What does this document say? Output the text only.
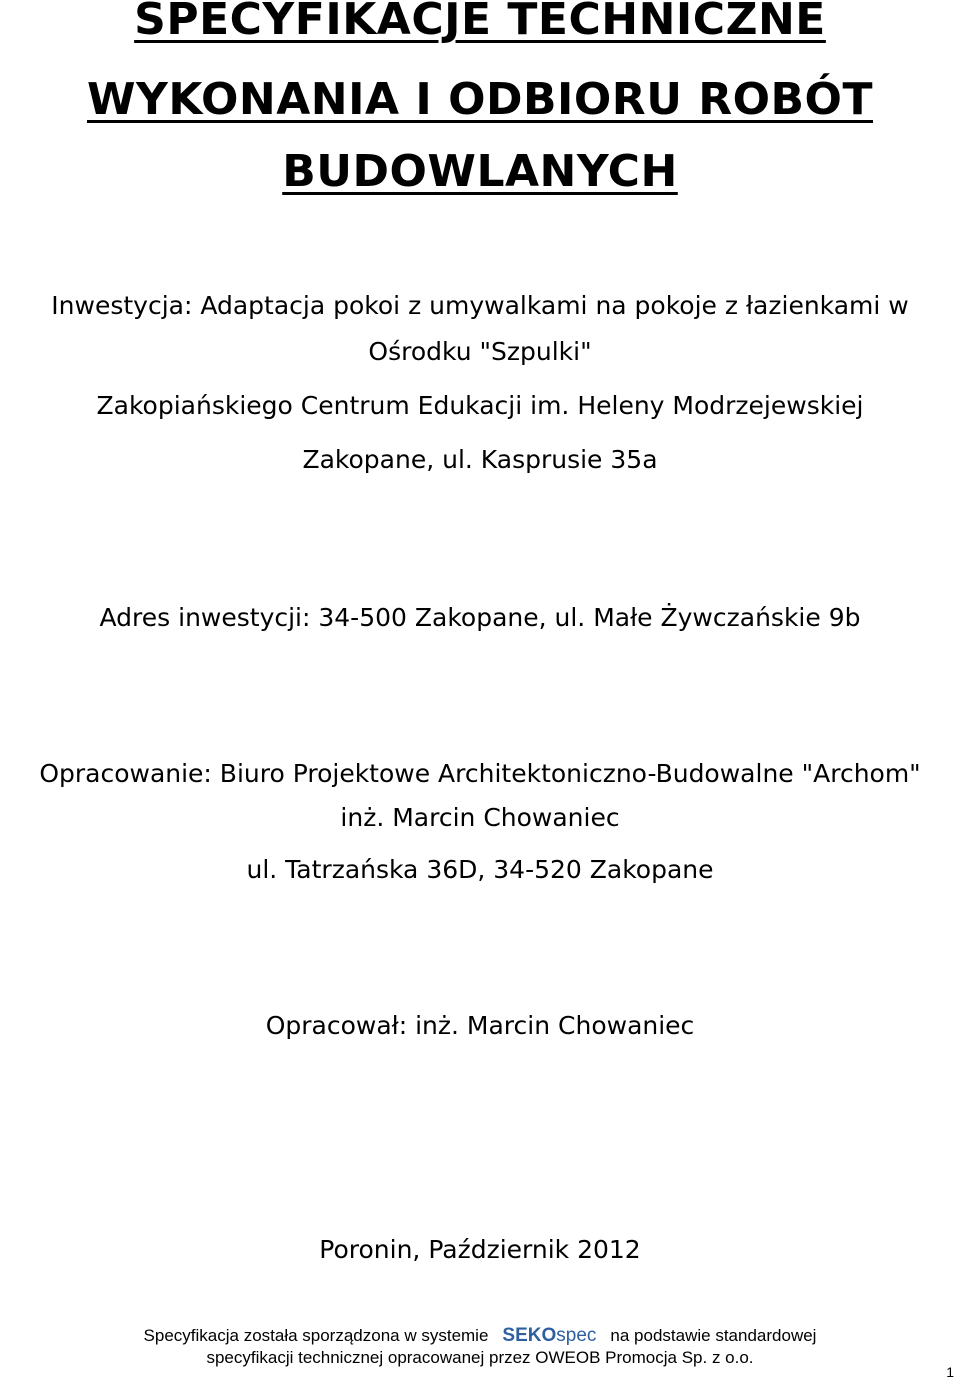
SPECYFIKACJE TECHNICZNE
WYKONANIA I ODBIORU ROBÓT
BUDOWLANYCH
Inwestycja: Adaptacja pokoi z umywalkami na pokoje z łazienkami w
Ośrodku "Szpulki"
Zakopiańskiego Centrum Edukacji im. Heleny Modrzejewskiej
Zakopane, ul. Kasprusie 35a
Adres inwestycji: 34-500 Zakopane, ul. Małe Żywczańskie 9b
Opracowanie: Biuro Projektowe Architektoniczno-Budowalne "Archom"
inż. Marcin Chowaniec
ul. Tatrzańska 36D, 34-520 Zakopane
Opracował: inż. Marcin Chowaniec
Poronin, Październik 2012
Specyfikacja została sporządzona w systemie SEKOspec na podstawie standardowej
specyfikacji technicznej opracowanej przez OWEOB Promocja Sp. z o.o.
1
